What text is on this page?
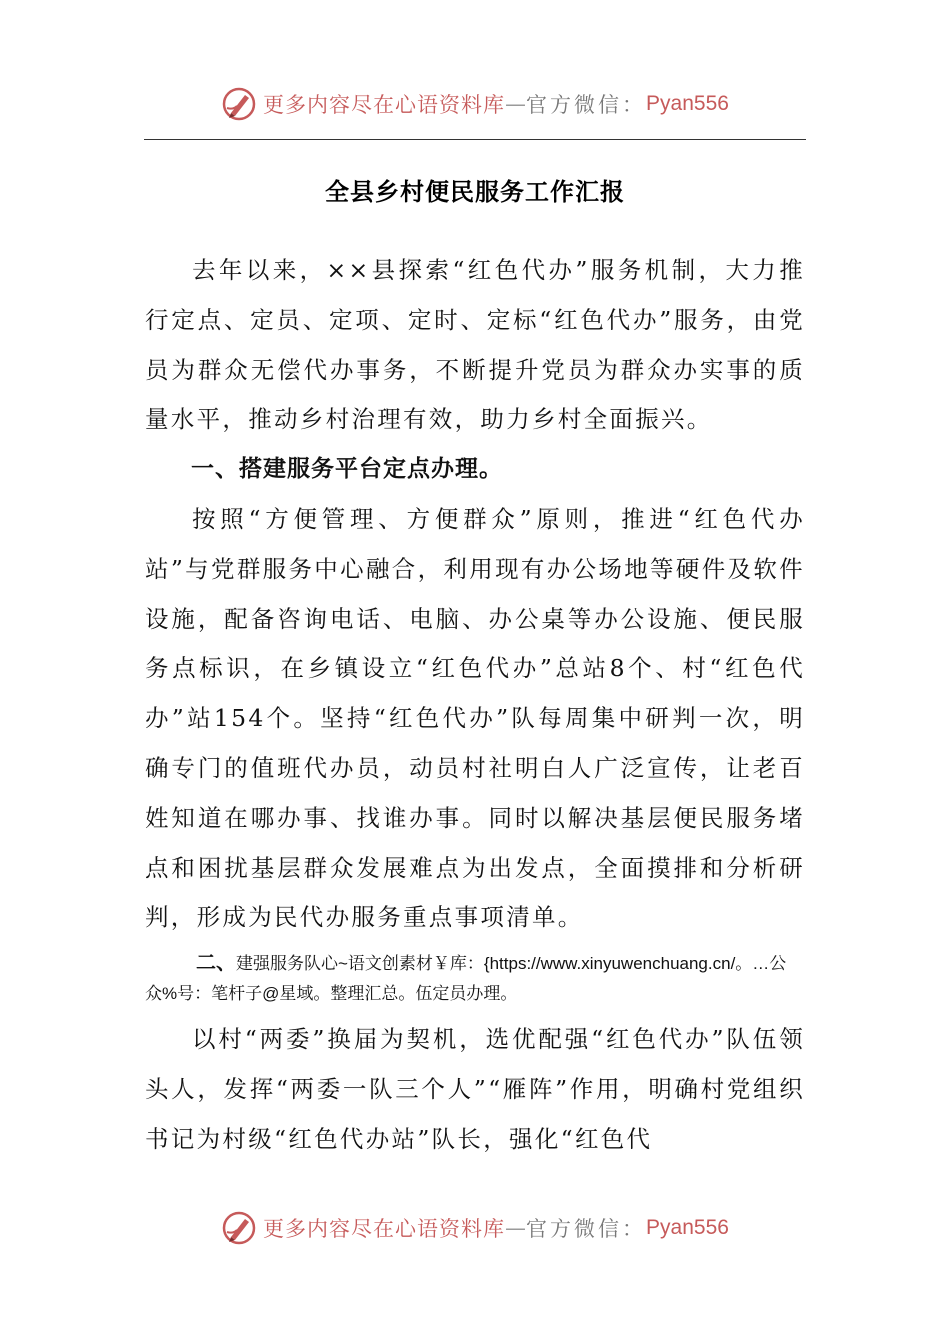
更多内容尽在心语资料库 — 官方微信： Pyan556
全县乡村便民服务工作汇报

去年以来，××县探索“红色代办”服务机制，大力推行定点、定员、定项、定时、定标“红色代办”服务，由党员为群众无偿代办事务，不断提升党员为群众办实事的质量水平，推动乡村治理有效，助力乡村全面振兴。

一、搭建服务平台定点办理。

按照“方便管理、方便群众”原则，推进“红色代办站”与党群服务中心融合，利用现有办公场地等硬件及软件设施，配备咨询电话、电脑、办公桌等办公设施、便民服务点标识，在乡镇设立“红色代办”总站8个、村“红色代办”站154个。坚持“红色代办”队每周集中研判一次，明确专门的值班代办员，动员村社明白人广泛宣传，让老百姓知道在哪办事、找谁办事。同时以解决基层便民服务堵点和困扰基层群众发展难点为出发点，全面摸排和分析研判，形成为民代办服务重点事项清单。

二、建强服务队心~语文创素材￥库：{https://www.xinyuwenchuang.cn/。…公众%号：笔杆子@星域。整理汇总。伍定员办理。

以村“两委”换届为契机，选优配强“红色代办”队伍领头人，发挥“两委一队三个人”“雁阵”作用，明确村党组织书记为村级“红色代办站”队长，强化“红色代

更多内容尽在心语资料库 — 官方微信： Pyan556
